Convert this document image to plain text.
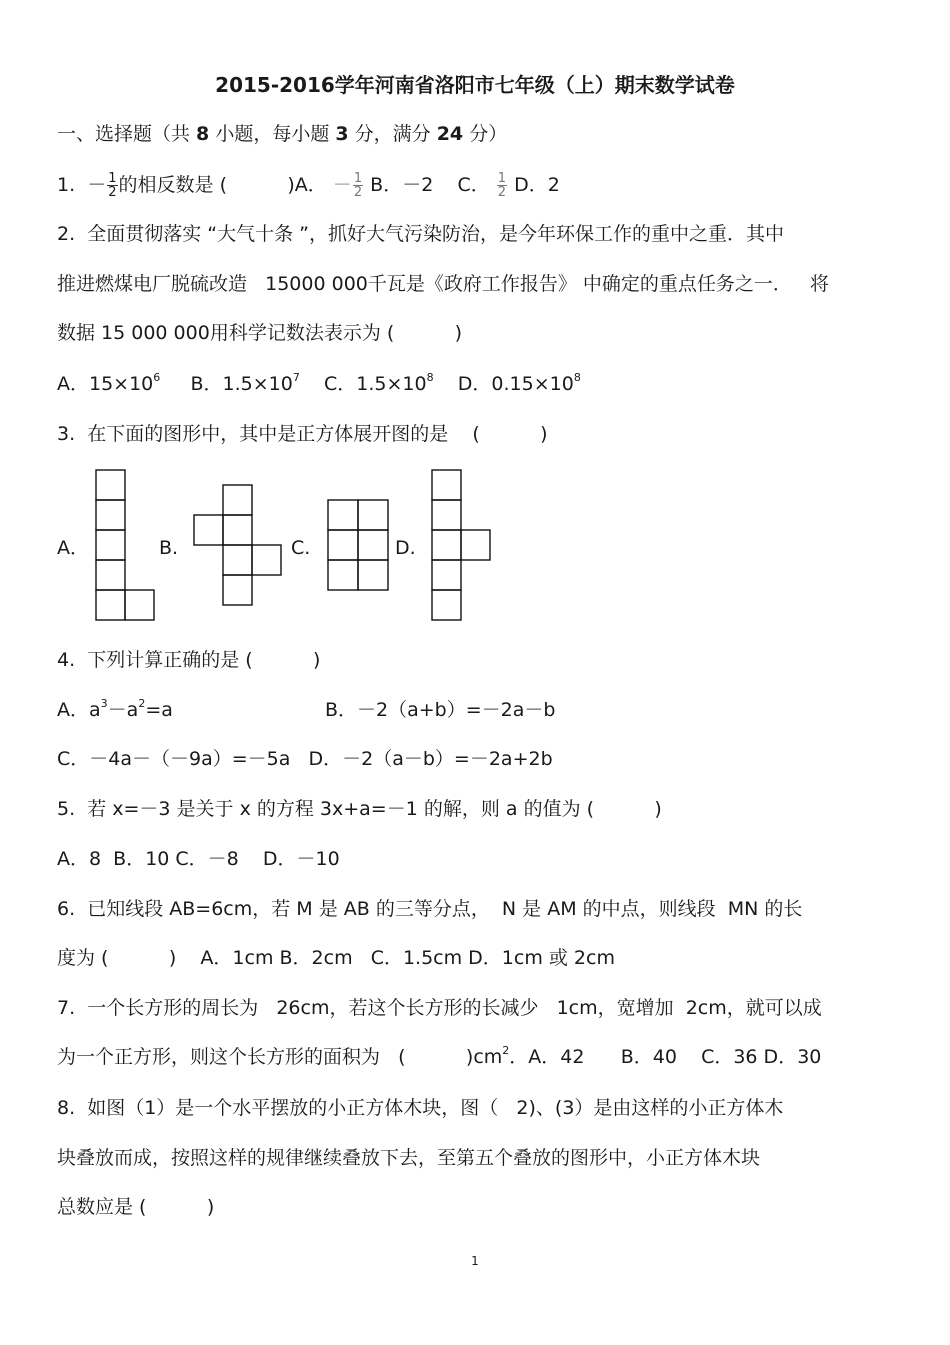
2015-2016学年河南省洛阳市七年级（上）期末数学试卷
一、选择题（共 8 小题，每小题 3 分，满分 24 分）
1. － $\frac{1}{2}$ 的相反数是 (          )A． － $\frac{1}{2}$ B．－2    C． $\frac{1}{2}$ D．2
2.  全面贯彻落实 “大气十条 ”，抓好大气污染防治，是今年环保工作的重中之重．其中
推进燃煤电厂脱硫改造   15000 000千瓦是《政府工作报告》 中确定的重点任务之一．   将
数据 15 000 000用科学记数法表示为 (          )
A．$15\times 10^6$ B．$1.5\times 10^7$ C．$1.5\times 10^8$ D．$0.15\times 10^8$
3.  在下面的图形中，其中是正方体展开图的是    (          )
A．	B.	C.	D.
4.  下列计算正确的是 (          )
A．$a^3-a^2=a$	B．－2（a+b）=－2a－b
C．－4a－（－9a）=－5a   D．－2（a－b）=－2a+2b
5.  若 x=－3 是关于 x 的方程 3x+a=－1 的解，则 a 的值为 (          )
A．8  B．10 C．－8    D．－10
6.  已知线段 AB=6cm，若 M 是 AB 的三等分点，  N 是 AM 的中点，则线段  MN 的长
度为 (          )    A．1cm B．2cm   C．1.5cm D．1cm 或 2cm
7.  一个长方形的周长为   26cm，若这个长方形的长减少   1cm，宽增加  2cm，就可以成
为一个正方形，则这个长方形的面积为   (          )$cm^2$．A．42      B．40    C．36 D．30
8.  如图（1）是一个水平摆放的小正方体木块，图（   2)、(3）是由这样的小正方体木
块叠放而成，按照这样的规律继续叠放下去，至第五个叠放的图形中，小正方体木块
总数应是 (          )
1
